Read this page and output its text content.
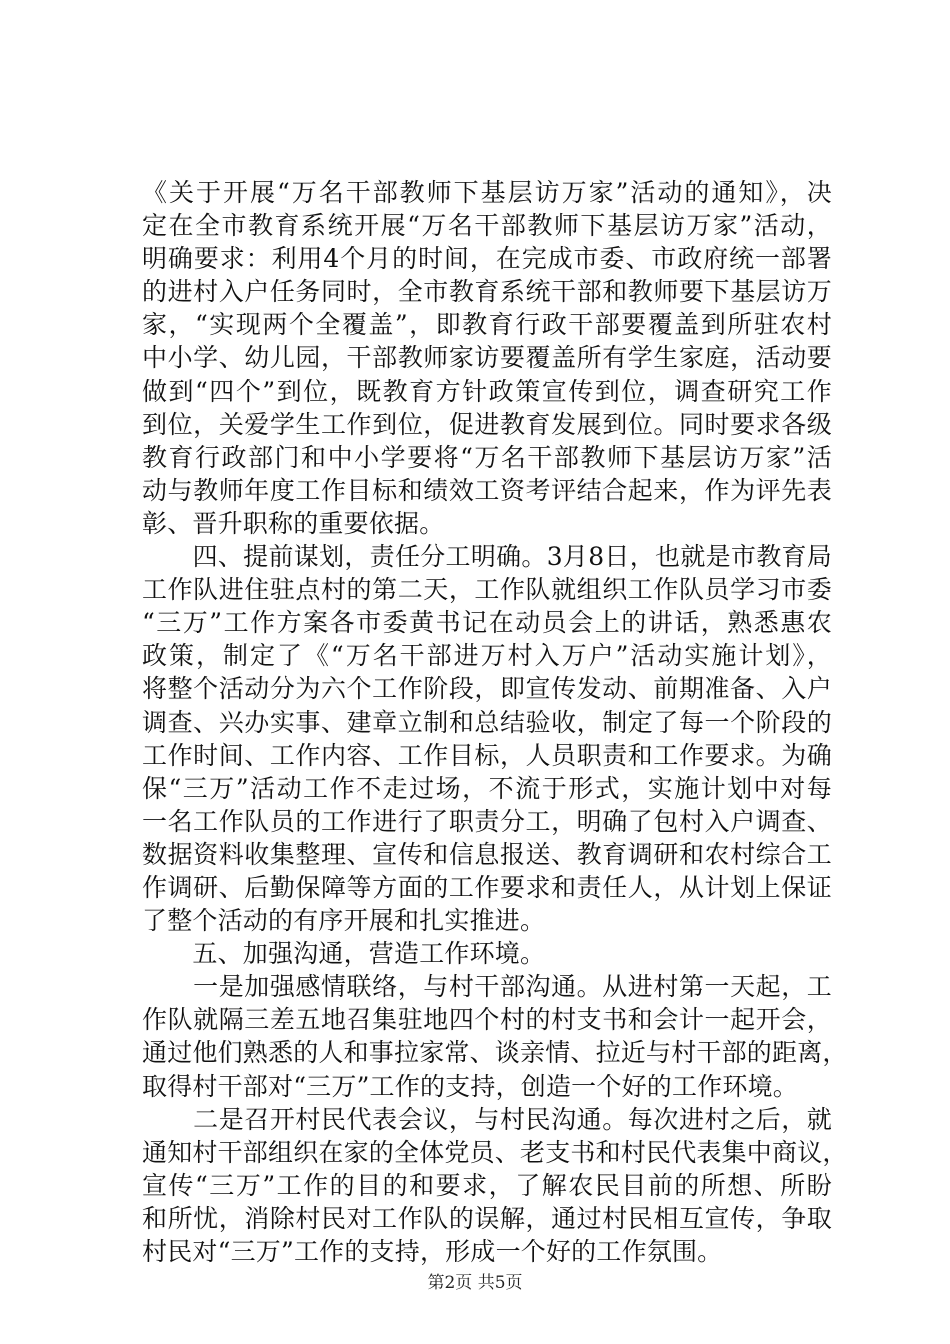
《关于开展“万名干部教师下基层访万家”活动的通知》，决
定在全市教育系统开展“万名干部教师下基层访万家”活动，
明确要求：利用4个月的时间，在完成市委、市政府统一部署
的进村入户任务同时，全市教育系统干部和教师要下基层访万
家，“实现两个全覆盖”，即教育行政干部要覆盖到所驻农村
中小学、幼儿园，干部教师家访要覆盖所有学生家庭，活动要
做到“四个”到位，既教育方针政策宣传到位，调查研究工作
到位，关爱学生工作到位，促进教育发展到位。同时要求各级
教育行政部门和中小学要将“万名干部教师下基层访万家”活
动与教师年度工作目标和绩效工资考评结合起来，作为评先表
彰、晋升职称的重要依据。
　　四、提前谋划，责任分工明确。3月8日，也就是市教育局
工作队进住驻点村的第二天，工作队就组织工作队员学习市委
“三万”工作方案各市委黄书记在动员会上的讲话，熟悉惠农
政策，制定了《“万名干部进万村入万户”活动实施计划》，
将整个活动分为六个工作阶段，即宣传发动、前期准备、入户
调查、兴办实事、建章立制和总结验收，制定了每一个阶段的
工作时间、工作内容、工作目标，人员职责和工作要求。为确
保“三万”活动工作不走过场，不流于形式，实施计划中对每
一名工作队员的工作进行了职责分工，明确了包村入户调查、
数据资料收集整理、宣传和信息报送、教育调研和农村综合工
作调研、后勤保障等方面的工作要求和责任人，从计划上保证
了整个活动的有序开展和扎实推进。
　　五、加强沟通，营造工作环境。
　　一是加强感情联络，与村干部沟通。从进村第一天起，工
作队就隔三差五地召集驻地四个村的村支书和会计一起开会，
通过他们熟悉的人和事拉家常、谈亲情、拉近与村干部的距离，
取得村干部对“三万”工作的支持，创造一个好的工作环境。
　　二是召开村民代表会议，与村民沟通。每次进村之后，就
通知村干部组织在家的全体党员、老支书和村民代表集中商议，
宣传“三万”工作的目的和要求，了解农民目前的所想、所盼
和所忧，消除村民对工作队的误解，通过村民相互宣传，争取
村民对“三万”工作的支持，形成一个好的工作氛围。
第2页 共5页
